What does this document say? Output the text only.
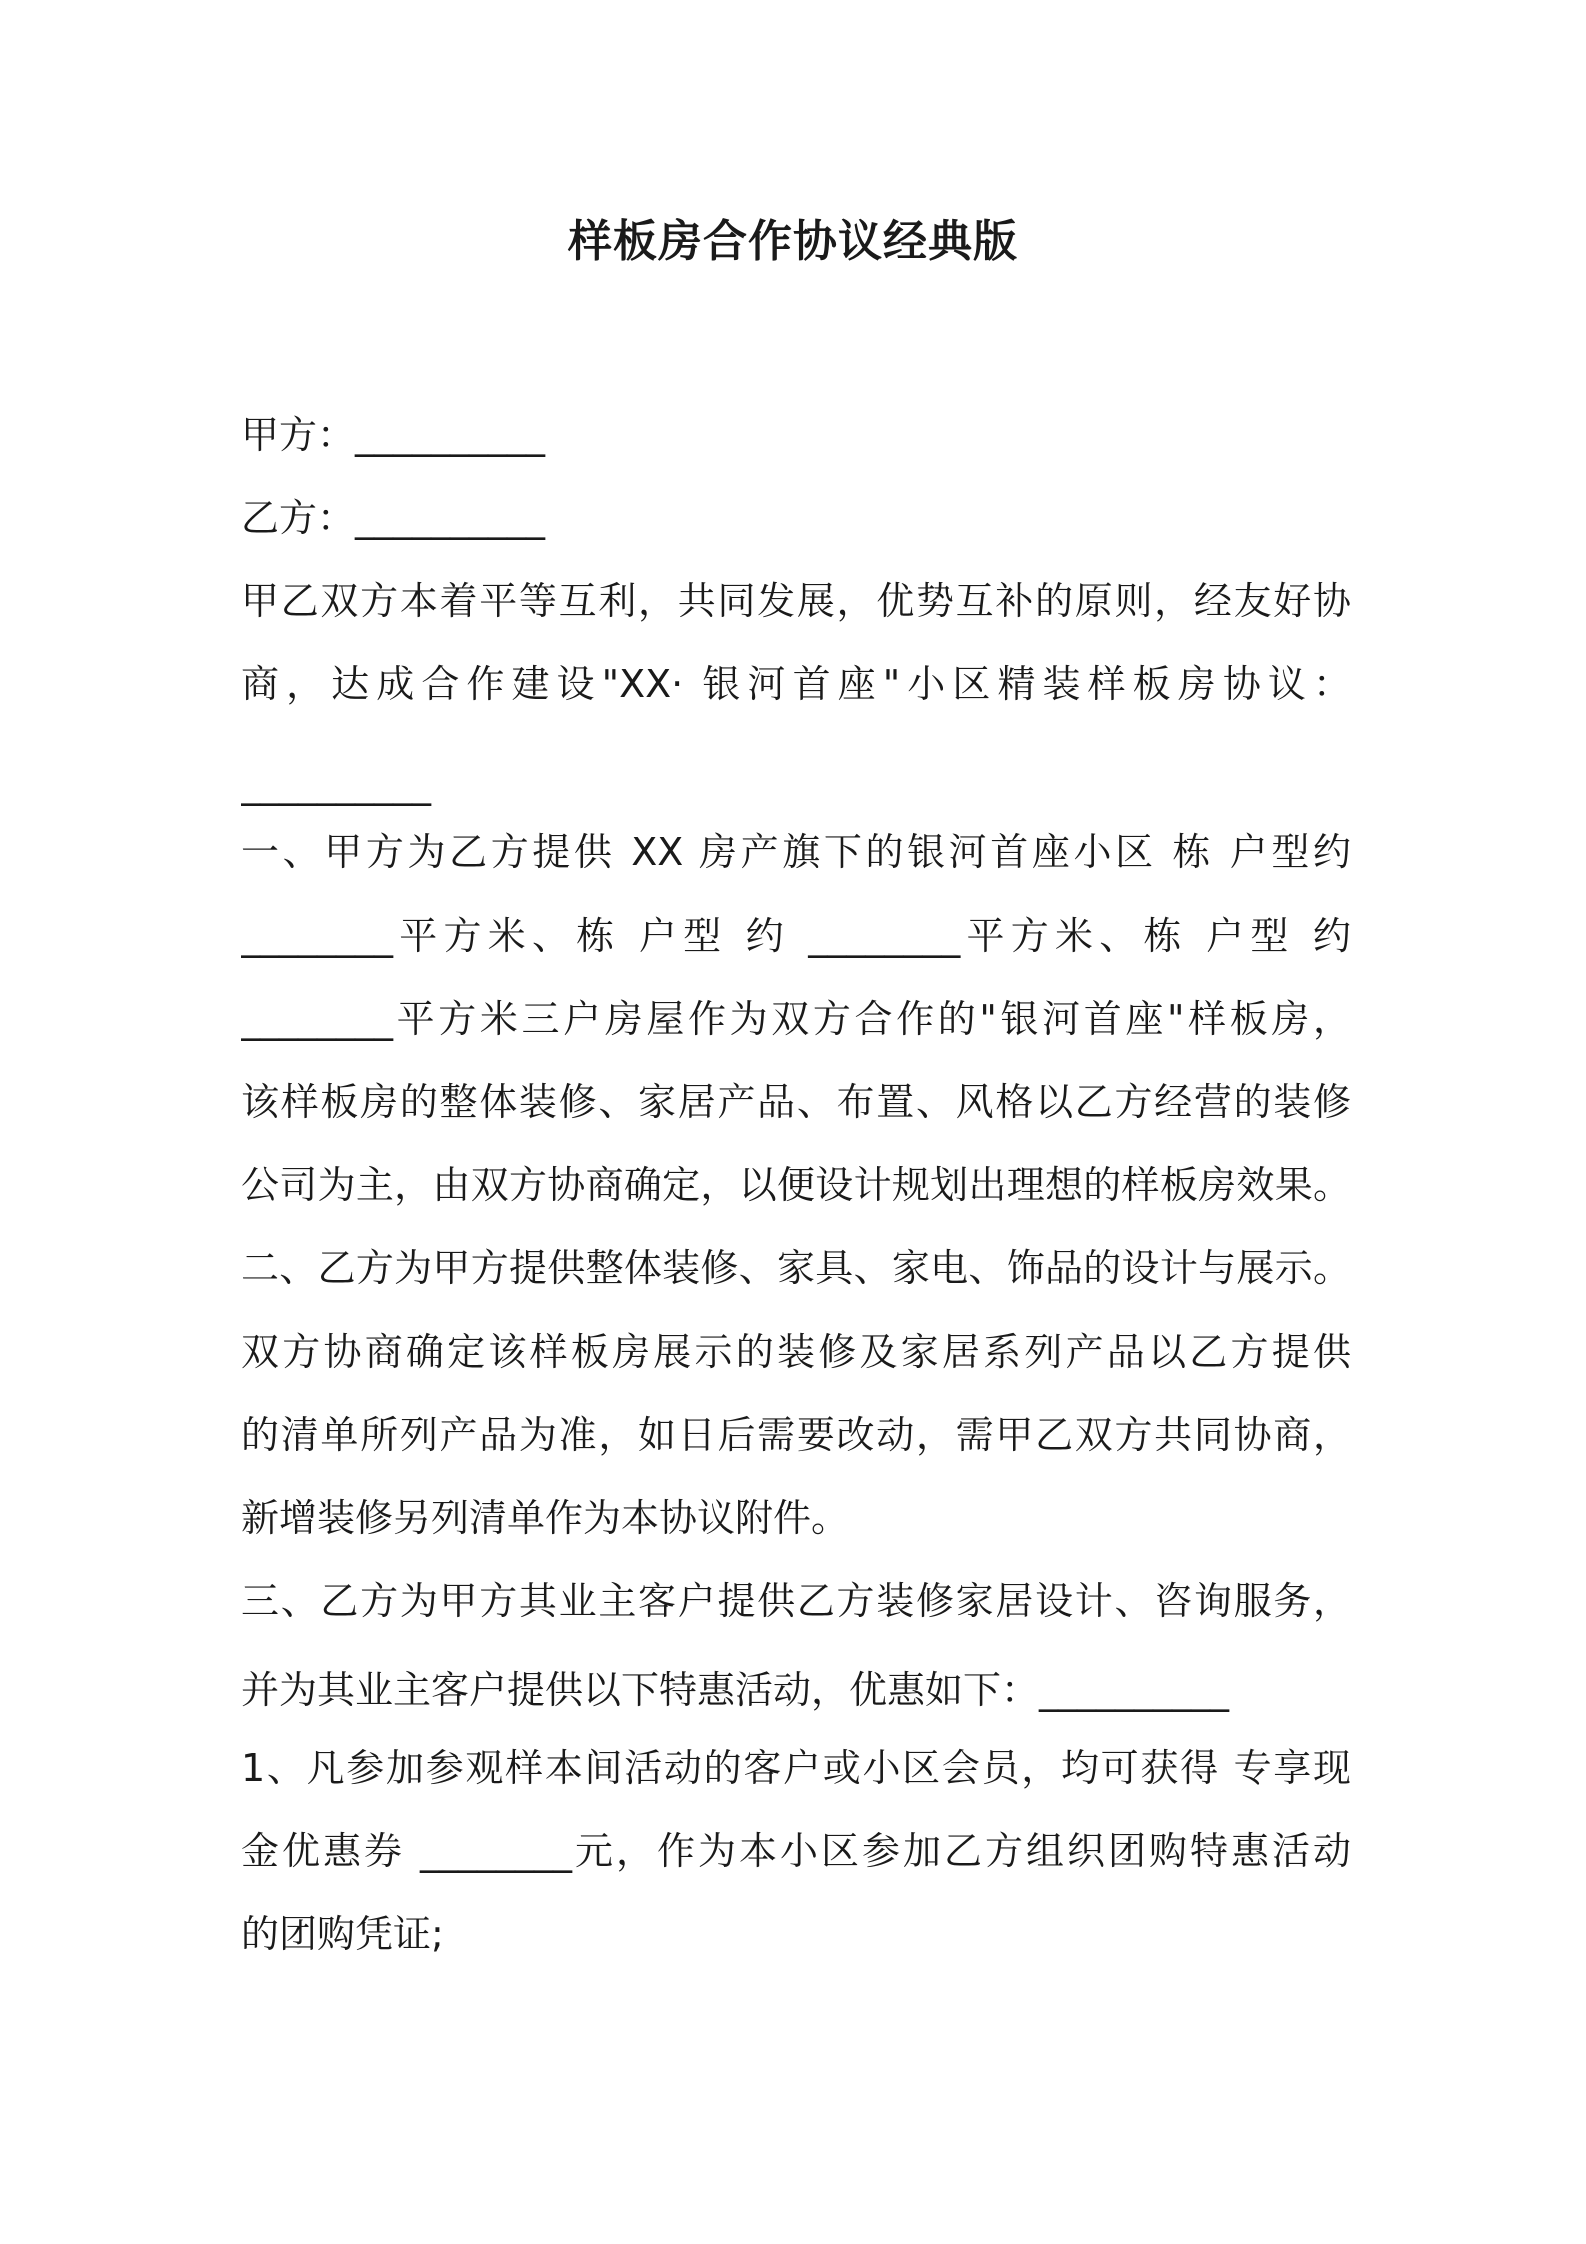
样板房合作协议经典版
甲方：__________
乙方：__________
甲乙双方本着平等互利，共同发展，优势互补的原则，经友好协
商，达成合作建设"XX· 银河首座"小区精装样板房协议：
__________
一、甲方为乙方提供 XX 房产旗下的银河首座小区 栋 户型约
________平方米、栋 户型 约 ________平方米、栋 户型 约
________平方米三户房屋作为双方合作的"银河首座"样板房，
该样板房的整体装修、家居产品、布置、风格以乙方经营的装修
公司为主，由双方协商确定，以便设计规划出理想的样板房效果。
二、乙方为甲方提供整体装修、家具、家电、饰品的设计与展示。
双方协商确定该样板房展示的装修及家居系列产品以乙方提供
的清单所列产品为准，如日后需要改动，需甲乙双方共同协商，
新增装修另列清单作为本协议附件。
三、乙方为甲方其业主客户提供乙方装修家居设计、咨询服务，
并为其业主客户提供以下特惠活动，优惠如下：__________
1、凡参加参观样本间活动的客户或小区会员，均可获得 专享现
金优惠券 ________元，作为本小区参加乙方组织团购特惠活动
的团购凭证;
